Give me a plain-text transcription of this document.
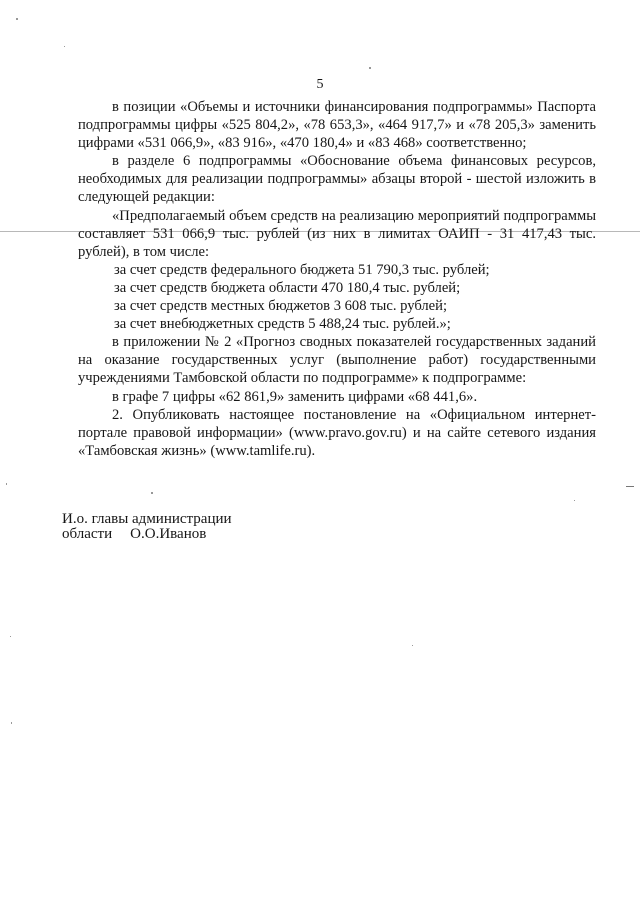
5

в позиции «Объемы и источники финансирования подпрограммы» Паспорта подпрограммы цифры «525 804,2», «78 653,3», «464 917,7» и «78 205,3» заменить цифрами «531 066,9», «83 916», «470 180,4» и «83 468» соответственно;

в разделе 6 подпрограммы «Обоснование объема финансовых ресурсов, необходимых для реализации подпрограммы» абзацы второй - шестой изложить в следующей редакции:

«Предполагаемый объем средств на реализацию мероприятий подпрограммы составляет 531 066,9 тыс. рублей (из них в лимитах ОАИП - 31 417,43 тыс. рублей), в том числе:

за счет средств федерального бюджета 51 790,3 тыс. рублей;

за счет средств бюджета области 470 180,4 тыс. рублей;

за счет средств местных бюджетов 3 608 тыс. рублей;

за счет внебюджетных средств 5 488,24 тыс. рублей.»;

в приложении № 2 «Прогноз сводных показателей государственных заданий на оказание государственных услуг (выполнение работ) государственными учреждениями Тамбовской области по подпрограмме» к подпрограмме:

в графе 7 цифры «62 861,9» заменить цифрами «68 441,6».

2. Опубликовать настоящее постановление на «Официальном интернет-портале правовой информации» (www.pravo.gov.ru) и на сайте сетевого издания «Тамбовская жизнь» (www.tamlife.ru).

И.о. главы администрации
области О.О.Иванов
